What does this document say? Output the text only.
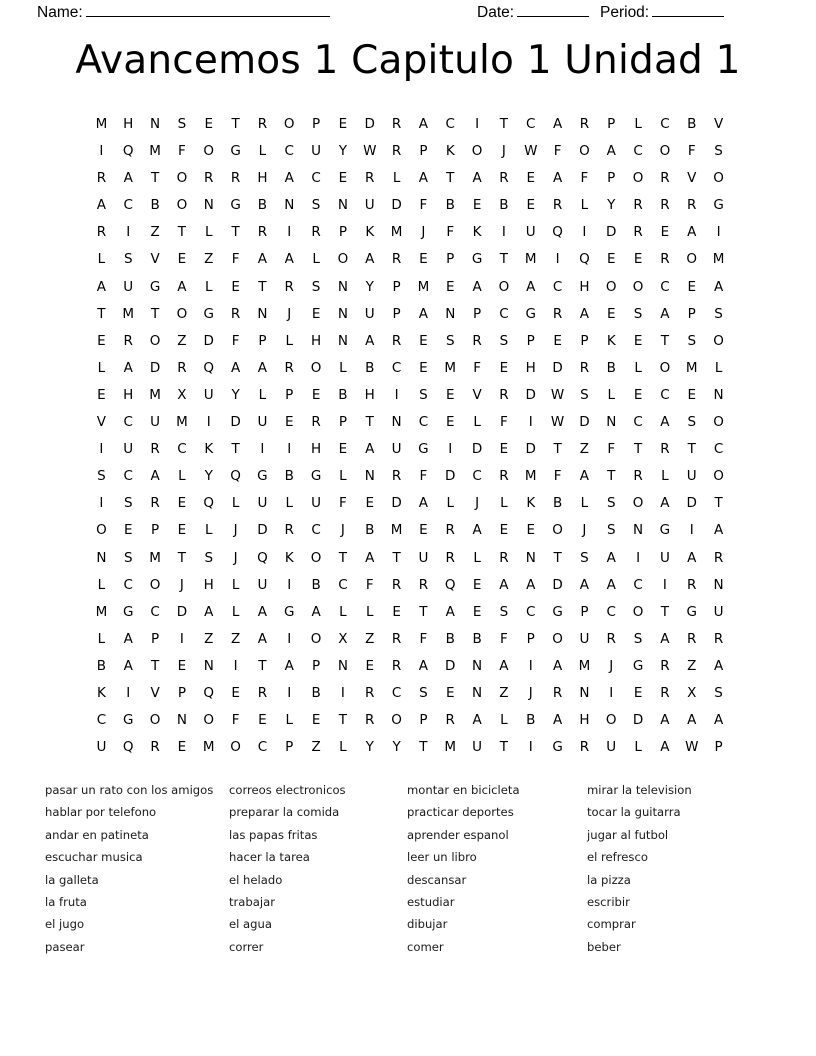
Name:	Date:	Period:
Avancemos 1 Capitulo 1 Unidad 1
M	H	N	S	E	T	R	O	P	E	D	R	A	C	I	T	C	A	R	P	L	C	B	V
I	Q	M	F	O	G	L	C	U	Y	W	R	P	K	O	J	W	F	O	A	C	O	F	S
R	A	T	O	R	R	H	A	C	E	R	L	A	T	A	R	E	A	F	P	O	R	V	O
A	C	B	O	N	G	B	N	S	N	U	D	F	B	E	B	E	R	L	Y	R	R	R	G
R	I	Z	T	L	T	R	I	R	P	K	M	J	F	K	I	U	Q	I	D	R	E	A	I
L	S	V	E	Z	F	A	A	L	O	A	R	E	P	G	T	M	I	Q	E	E	R	O	M
A	U	G	A	L	E	T	R	S	N	Y	P	M	E	A	O	A	C	H	O	O	C	E	A
T	M	T	O	G	R	N	J	E	N	U	P	A	N	P	C	G	R	A	E	S	A	P	S
E	R	O	Z	D	F	P	L	H	N	A	R	E	S	R	S	P	E	P	K	E	T	S	O
L	A	D	R	Q	A	A	R	O	L	B	C	E	M	F	E	H	D	R	B	L	O	M	L
E	H	M	X	U	Y	L	P	E	B	H	I	S	E	V	R	D	W	S	L	E	C	E	N
V	C	U	M	I	D	U	E	R	P	T	N	C	E	L	F	I	W	D	N	C	A	S	O
I	U	R	C	K	T	I	I	H	E	A	U	G	I	D	E	D	T	Z	F	T	R	T	C
S	C	A	L	Y	Q	G	B	G	L	N	R	F	D	C	R	M	F	A	T	R	L	U	O
I	S	R	E	Q	L	U	L	U	F	E	D	A	L	J	L	K	B	L	S	O	A	D	T
O	E	P	E	L	J	D	R	C	J	B	M	E	R	A	E	E	O	J	S	N	G	I	A
N	S	M	T	S	J	Q	K	O	T	A	T	U	R	L	R	N	T	S	A	I	U	A	R
L	C	O	J	H	L	U	I	B	C	F	R	R	Q	E	A	A	D	A	A	C	I	R	N
M	G	C	D	A	L	A	G	A	L	L	E	T	A	E	S	C	G	P	C	O	T	G	U
L	A	P	I	Z	Z	A	I	O	X	Z	R	F	B	B	F	P	O	U	R	S	A	R	R
B	A	T	E	N	I	T	A	P	N	E	R	A	D	N	A	I	A	M	J	G	R	Z	A
K	I	V	P	Q	E	R	I	B	I	R	C	S	E	N	Z	J	R	N	I	E	R	X	S
C	G	O	N	O	F	E	L	E	T	R	O	P	R	A	L	B	A	H	O	D	A	A	A
U	Q	R	E	M	O	C	P	Z	L	Y	Y	T	M	U	T	I	G	R	U	L	A	W	P
pasar un rato con los amigos
hablar por telefono
andar en patineta
escuchar musica
la galleta
la fruta
el jugo
pasear
correos electronicos
preparar la comida
las papas fritas
hacer la tarea
el helado
trabajar
el agua
correr
montar en bicicleta
practicar deportes
aprender espanol
leer un libro
descansar
estudiar
dibujar
comer
mirar la television
tocar la guitarra
jugar al futbol
el refresco
la pizza
escribir
comprar
beber
